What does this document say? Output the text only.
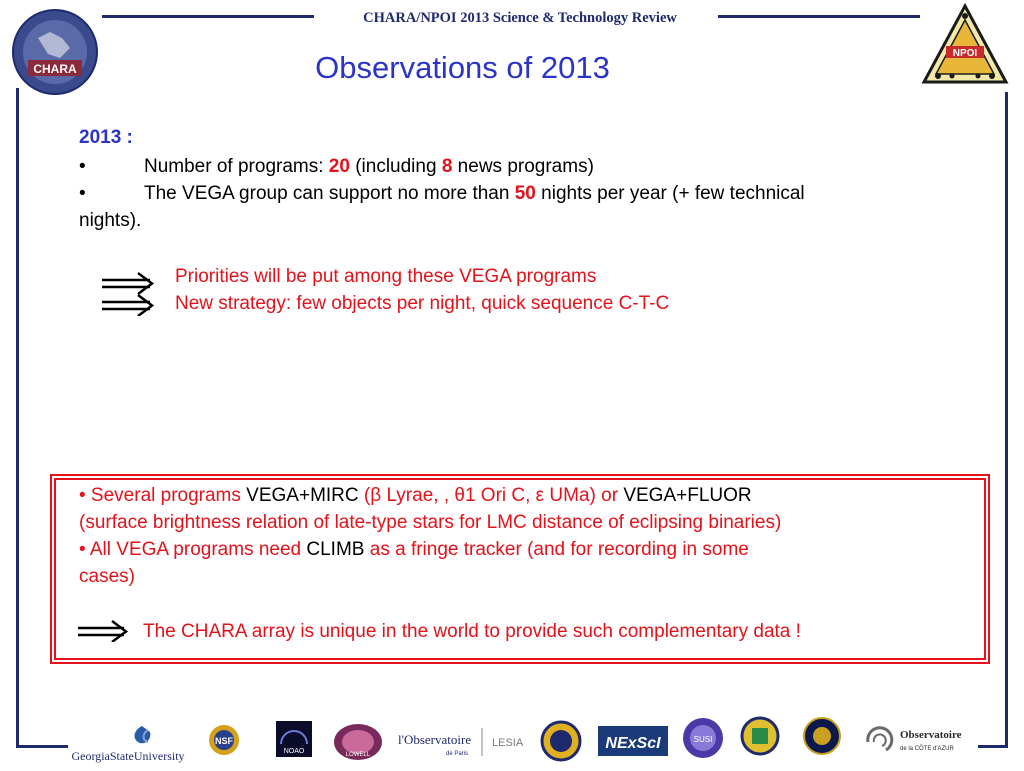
CHARA
CHARA/NPOI 2013 Science & Technology Review
NPOI
Observations of 2013
2013 :
•	Number of programs: 20 (including 8 news programs)
•	The VEGA group can support no more than 50 nights per year (+ few technical
nights).
Priorities will be put among these VEGA programs
New strategy: few objects per night, quick sequence C-T-C
• Several programs VEGA+MIRC (β Lyrae, , θ1 Ori C, ε UMa) or VEGA+FLUOR
(surface brightness relation of late-type stars for LMC distance of eclipsing binaries)
• All VEGA programs need CLIMB as a fringe tracker (and for recording in some
cases)
The CHARA array is unique in the world to provide such complementary data !
GeorgiaStateUniversity
NSF
NOAO	LOWELL
l'Observatoire
de Paris
LESIA	NExScI	SUSI	Observatoire
de la CÔTE d'AZUR
